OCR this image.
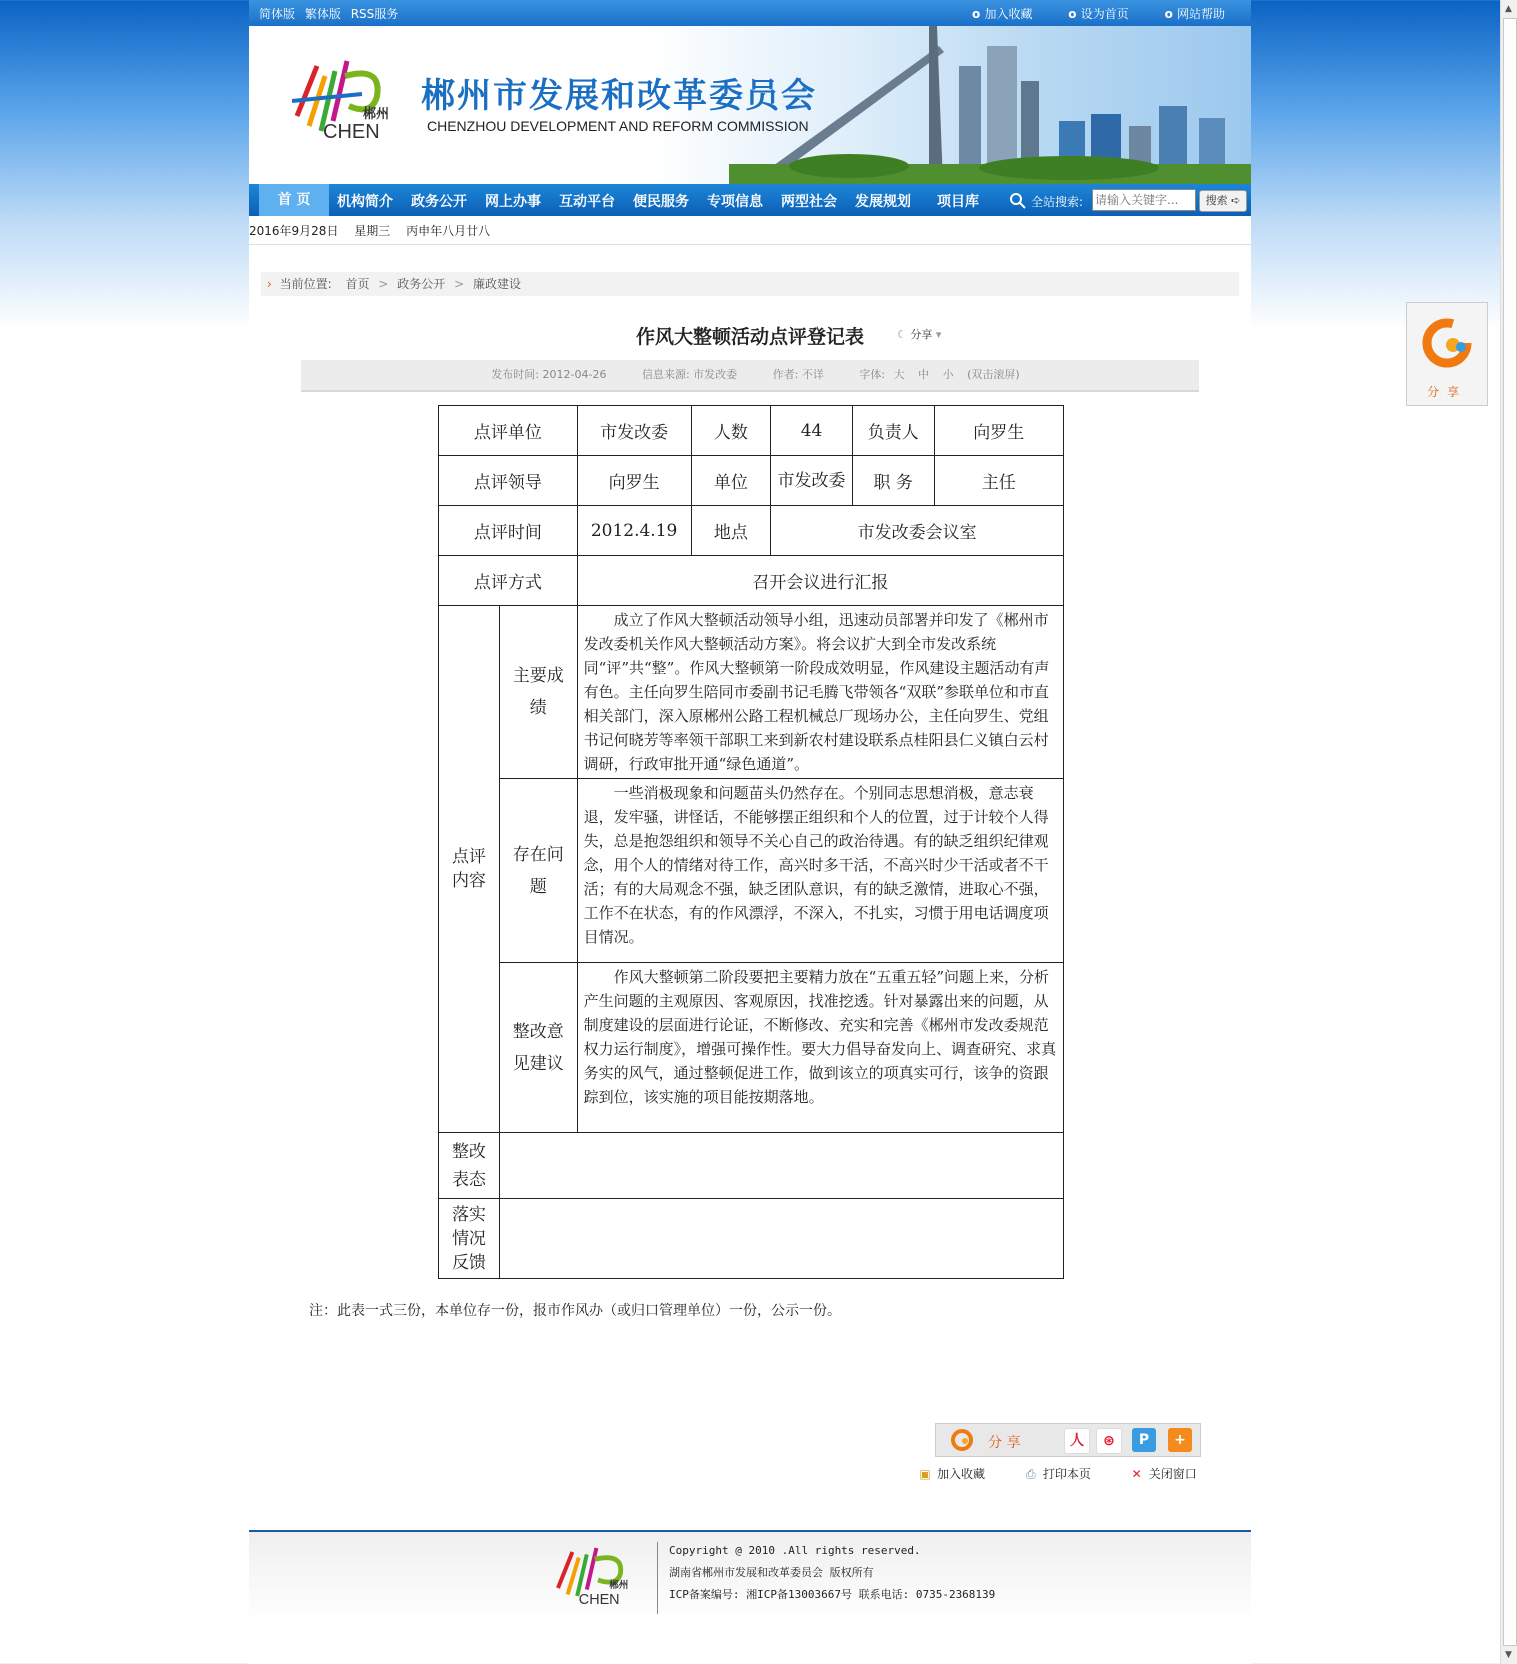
简体版 繁体版 RSS服务	o 加入收藏	o 设为首页	o 网站帮助
郴州
CHEN
郴州市发展和改革委员会
CHENZHOU DEVELOPMENT AND REFORM COMMISSION
首 页	机构简介 政务公开 网上办事 互动平台 便民服务 专项信息 两型社会 发展规划 项目库	全站搜索:
请输入关键字...	搜索 ➪
2016年9月28日 星期三 丙申年八月廿八
› 当前位置: 首页 > 政务公开 > 廉政建设
作风大整顿活动点评登记表	☾ 分享 ▾
发布时间: 2012-04-26	信息来源: 市发改委	作者: 不详	字体: 大 中 小 (双击滚屏)
点评单位		市发改委	人数	44	负责人	向罗生
点评领导		向罗生	单位	市发改委	职 务	主任
点评时间		2012.4.19	地点	市发改委会议室		
点评方式		召开会议进行汇报				
点评内容	主要成绩	成立了作风大整顿活动领导小组，迅速动员部署并印发了《郴州市发改委机关作风大整顿活动方案》。将会议扩大到全市发改系统同“评”共“整”。作风大整顿第一阶段成效明显，作风建设主题活动有声有色。主任向罗生陪同市委副书记毛腾飞带领各“双联”参联单位和市直相关部门，深入原郴州公路工程机械总厂现场办公，主任向罗生、党组书记何晓芳等率领干部职工来到新农村建设联系点桂阳县仁义镇白云村调研，行政审批开通“绿色通道”。				
	存在问题	一些消极现象和问题苗头仍然存在。个别同志思想消极，意志衰退，发牢骚，讲怪话，不能够摆正组织和个人的位置，过于计较个人得失，总是抱怨组织和领导不关心自己的政治待遇。有的缺乏组织纪律观念，用个人的情绪对待工作，高兴时多干活，不高兴时少干活或者不干活；有的大局观念不强，缺乏团队意识，有的缺乏激情，进取心不强，工作不在状态，有的作风漂浮，不深入，不扎实，习惯于用电话调度项目情况。				
	整改意见建议	作风大整顿第二阶段要把主要精力放在“五重五轻”问题上来，分析产生问题的主观原因、客观原因，找准挖透。针对暴露出来的问题，从制度建设的层面进行论证，不断修改、充实和完善《郴州市发改委规范权力运行制度》，增强可操作性。要大力倡导奋发向上、调查研究、求真务实的风气，通过整顿促进工作，做到该立的项真实可行，该争的资跟踪到位，该实施的项目能按期落地。				
整改表态						
落实情况反馈						
注：此表一式三份，本单位存一份，报市作风办（或归口管理单位）一份，公示一份。
分 享	人	⊛	P	+
▣ 加入收藏	⎙ 打印本页	✕ 关闭窗口
郴州
CHEN
Copyright @ 2010 .All rights reserved.
湖南省郴州市发展和改革委员会 版权所有
ICP备案编号: 湘ICP备13003667号 联系电话: 0735-2368139
分享
▲
▼
